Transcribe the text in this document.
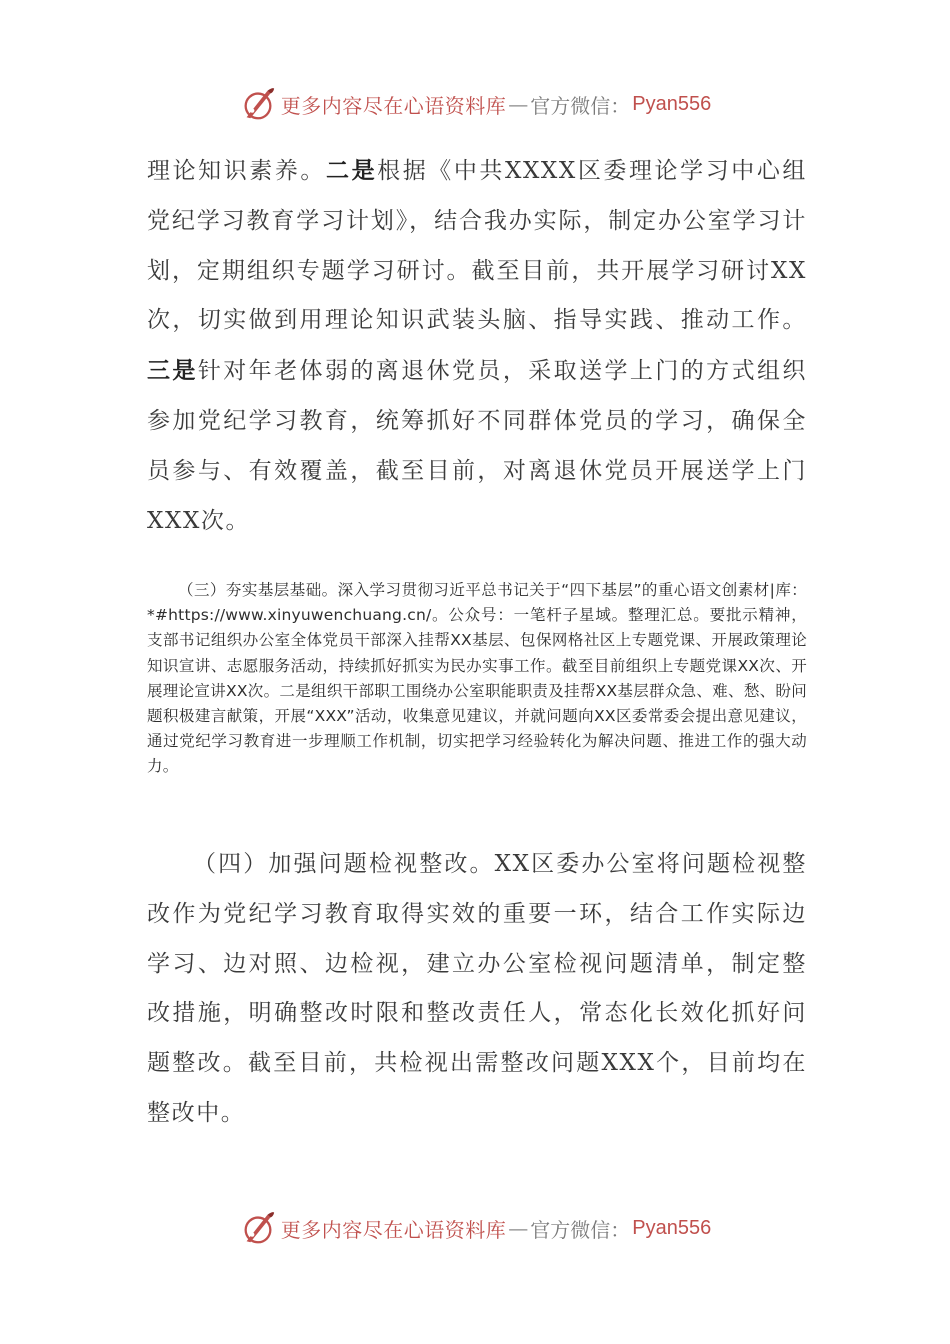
更多内容尽在心语资料库 — 官方微信： Pyan556
理论知识素养。二是根据《中共XXXX区委理论学习中心组党纪学习教育学习计划》，结合我办实际，制定办公室学习计划，定期组织专题学习研讨。截至目前，共开展学习研讨XX次，切实做到用理论知识武装头脑、指导实践、推动工作。三是针对年老体弱的离退休党员，采取送学上门的方式组织参加党纪学习教育，统筹抓好不同群体党员的学习，确保全员参与、有效覆盖，截至目前，对离退休党员开展送学上门XXX次。
（三）夯实基层基础。深入学习贯彻习近平总书记关于“四下基层”的重心语文创素材|库：*#https://www.xinyuwenchuang.cn/。公众号：一笔杆子星域。整理汇总。要批示精神，支部书记组织办公室全体党员干部深入挂帮XX基层、包保网格社区上专题党课、开展政策理论知识宣讲、志愿服务活动，持续抓好抓实为民办实事工作。截至目前组织上专题党课XX次、开展理论宣讲XX次。二是组织干部职工围绕办公室职能职责及挂帮XX基层群众急、难、愁、盼问题积极建言献策，开展“XXX”活动，收集意见建议，并就问题向XX区委常委会提出意见建议，通过党纪学习教育进一步理顺工作机制，切实把学习经验转化为解决问题、推进工作的强大动力。
（四）加强问题检视整改。XX区委办公室将问题检视整改作为党纪学习教育取得实效的重要一环，结合工作实际边学习、边对照、边检视，建立办公室检视问题清单，制定整改措施，明确整改时限和整改责任人，常态化长效化抓好问题整改。截至目前，共检视出需整改问题XXX个，目前均在整改中。
更多内容尽在心语资料库 — 官方微信： Pyan556
